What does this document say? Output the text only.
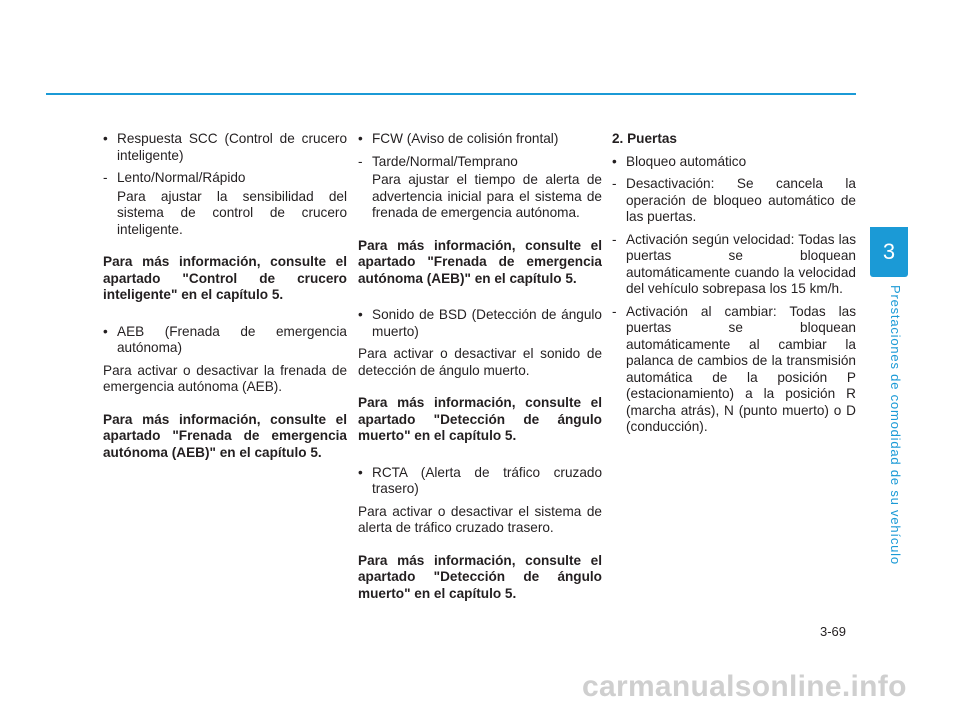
• Respuesta SCC (Control de crucero inteligente)
- Lento/Normal/Rápido

Para ajustar la sensibilidad del sistema de control de crucero inteligente.

Para más información, consulte el apartado "Control de crucero inteligente" en el capítulo 5.

• AEB (Frenada de emergencia autónoma)

Para activar o desactivar la frenada de emergencia autónoma (AEB).

Para más información, consulte el apartado "Frenada de emergencia autónoma (AEB)" en el capítulo 5.

• FCW (Aviso de colisión frontal)
- Tarde/Normal/Temprano

Para ajustar el tiempo de alerta de advertencia inicial para el sistema de frenada de emergencia autónoma.

Para más información, consulte el apartado "Frenada de emergencia autónoma (AEB)" en el capítulo 5.

• Sonido de BSD (Detección de ángulo muerto)

Para activar o desactivar el sonido de detección de ángulo muerto.

Para más información, consulte el apartado "Detección de ángulo muerto" en el capítulo 5.

• RCTA (Alerta de tráfico cruzado trasero)

Para activar o desactivar el sistema de alerta de tráfico cruzado trasero.

Para más información, consulte el apartado "Detección de ángulo muerto" en el capítulo 5.

2. Puertas

• Bloqueo automático
- Desactivación: Se cancela la operación de bloqueo automático de las puertas.
- Activación según velocidad: Todas las puertas se bloquean automáticamente cuando la velocidad del vehículo sobrepasa los 15 km/h.
- Activación al cambiar: Todas las puertas se bloquean automáticamente al cambiar la palanca de cambios de la transmisión automática de la posición P (estacionamiento) a la posición R (marcha atrás), N (punto muerto) o D (conducción).
3
Prestaciones de comodidad de su vehículo
3-69
carmanualsonline.info
